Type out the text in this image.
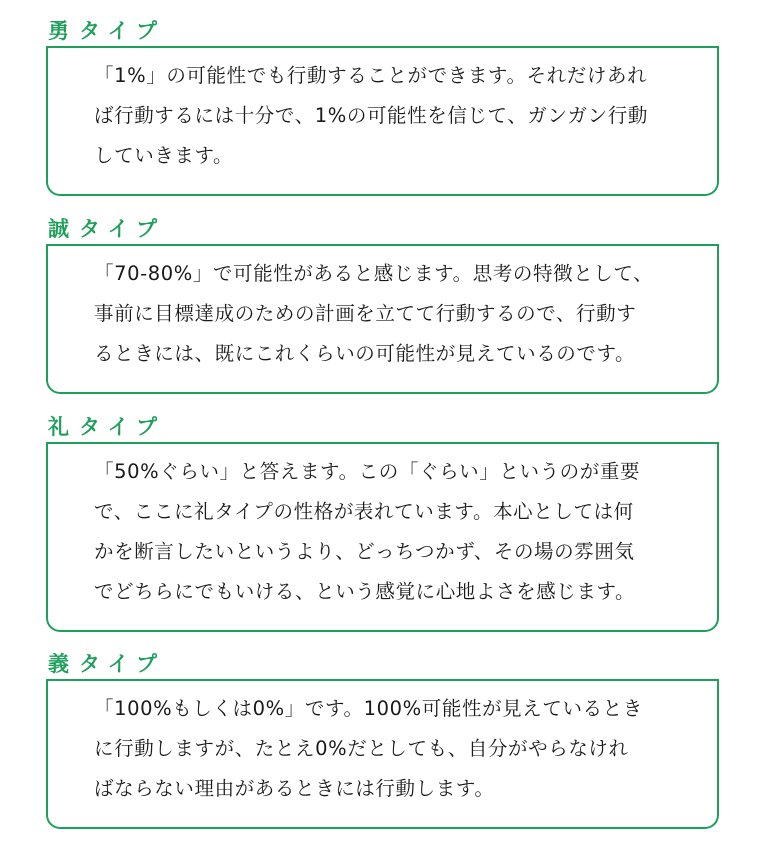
勇タイプ

「1%」の可能性でも行動することができます。それだけあれ
ば行動するには十分で、1%の可能性を信じて、ガンガン行動
していきます。

誠タイプ

「70-80%」で可能性があると感じます。思考の特徴として、
事前に目標達成のための計画を立てて行動するので、行動す
るときには、既にこれくらいの可能性が見えているのです。

礼タイプ

「50%ぐらい」と答えます。この「ぐらい」というのが重要
で、ここに礼タイプの性格が表れています。本心としては何
かを断言したいというより、どっちつかず、その場の雰囲気
でどちらにでもいける、という感覚に心地よさを感じます。

義タイプ

「100%もしくは0%」です。100%可能性が見えているとき
に行動しますが、たとえ0%だとしても、自分がやらなけれ
ばならない理由があるときには行動します。
